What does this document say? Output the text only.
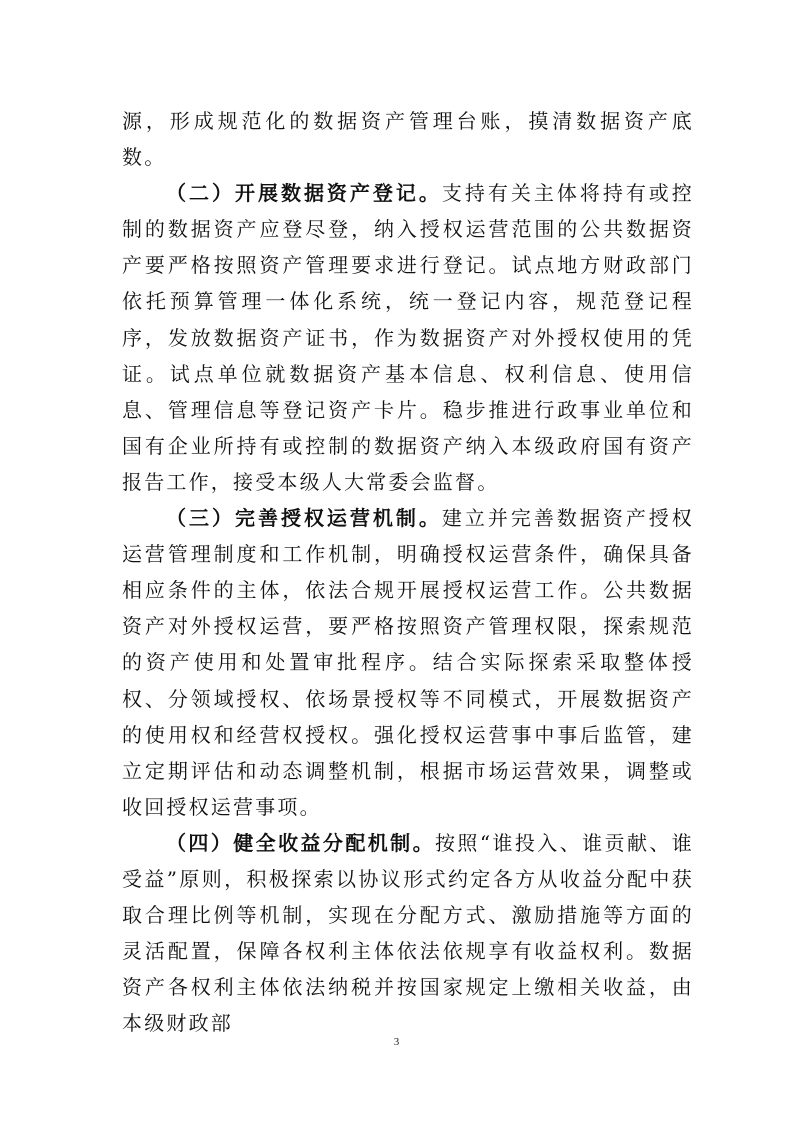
源，形成规范化的数据资产管理台账，摸清数据资产底数。

（二）开展数据资产登记。支持有关主体将持有或控制的数据资产应登尽登，纳入授权运营范围的公共数据资产要严格按照资产管理要求进行登记。试点地方财政部门依托预算管理一体化系统，统一登记内容，规范登记程序，发放数据资产证书，作为数据资产对外授权使用的凭证。试点单位就数据资产基本信息、权利信息、使用信息、管理信息等登记资产卡片。稳步推进行政事业单位和国有企业所持有或控制的数据资产纳入本级政府国有资产报告工作，接受本级人大常委会监督。

（三）完善授权运营机制。建立并完善数据资产授权运营管理制度和工作机制，明确授权运营条件，确保具备相应条件的主体，依法合规开展授权运营工作。公共数据资产对外授权运营，要严格按照资产管理权限，探索规范的资产使用和处置审批程序。结合实际探索采取整体授权、分领域授权、依场景授权等不同模式，开展数据资产的使用权和经营权授权。强化授权运营事中事后监管，建立定期评估和动态调整机制，根据市场运营效果，调整或收回授权运营事项。

（四）健全收益分配机制。按照“谁投入、谁贡献、谁受益”原则，积极探索以协议形式约定各方从收益分配中获取合理比例等机制，实现在分配方式、激励措施等方面的灵活配置，保障各权利主体依法依规享有收益权利。数据资产各权利主体依法纳税并按国家规定上缴相关收益，由本级财政部

3
